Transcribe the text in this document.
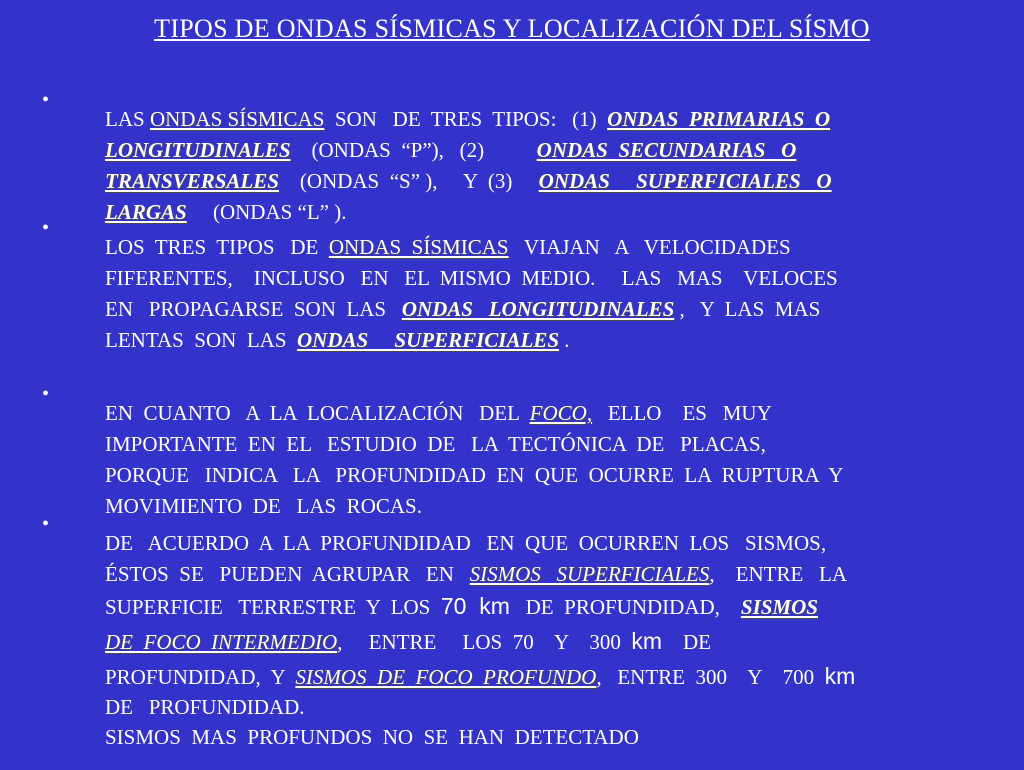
TIPOS DE ONDAS SÍSMICAS Y LOCALIZACIÓN DEL SÍSMO
•

LAS ONDAS SÍSMICAS  SON   DE  TRES  TIPOS:   (1)  ONDAS  PRIMARIAS  O

LONGITUDINALES    (ONDAS  “P”),   (2)          ONDAS  SECUNDARIAS   O

TRANSVERSALES    (ONDAS  “S” ),     Y  (3)     ONDAS     SUPERFICIALES   O

LARGAS     (ONDAS “L” ).

•

LOS  TRES  TIPOS   DE  ONDAS  SÍSMICAS   VIAJAN   A   VELOCIDADES

FIFERENTES,    INCLUSO   EN   EL  MISMO  MEDIO.     LAS   MAS    VELOCES

EN   PROPAGARSE  SON  LAS   ONDAS   LONGITUDINALES ,   Y  LAS  MAS

LENTAS  SON  LAS  ONDAS     SUPERFICIALES .

•

EN  CUANTO   A  LA  LOCALIZACIÓN   DEL  FOCO,   ELLO    ES   MUY

IMPORTANTE  EN  EL   ESTUDIO  DE   LA  TECTÓNICA  DE   PLACAS,

PORQUE   INDICA   LA   PROFUNDIDAD  EN  QUE  OCURRE  LA  RUPTURA  Y

MOVIMIENTO  DE   LAS  ROCAS.

•

DE   ACUERDO  A  LA  PROFUNDIDAD   EN  QUE  OCURREN  LOS   SISMOS,

ÉSTOS  SE   PUEDEN  AGRUPAR   EN   SISMOS   SUPERFICIALES,    ENTRE   LA

SUPERFICIE   TERRESTRE  Y  LOS  70  km   DE  PROFUNDIDAD,    SISMOS

DE  FOCO  INTERMEDIO,     ENTRE     LOS  70    Y    300  km    DE

PROFUNDIDAD,  Y  SISMOS  DE  FOCO  PROFUNDO,   ENTRE  300    Y    700  km

DE   PROFUNDIDAD.

SISMOS  MAS  PROFUNDOS  NO  SE  HAN  DETECTADO
